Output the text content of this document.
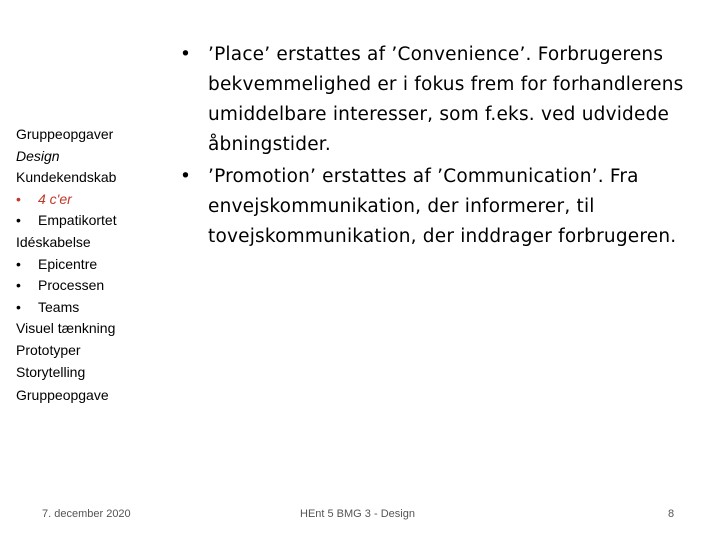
Gruppeopgaver
Design
Kundekendskab
• 4 c'er
• Empatikortet
Idéskabelse
• Epicentre
• Processen
• Teams
Visuel tænkning
Prototyper
Storytelling
Gruppeopgave
• ’Place’ erstattes af ’Convenience’. Forbrugerens bekvemmelighed er i fokus frem for forhandlerens umiddelbare interesser, som f.eks. ved udvidede åbningstider.
• ’Promotion’ erstattes af ’Communication’. Fra envejskommunikation, der informerer, til tovejskommunikation, der inddrager forbrugeren.
7. december 2020	HEnt 5 BMG 3 - Design	8
